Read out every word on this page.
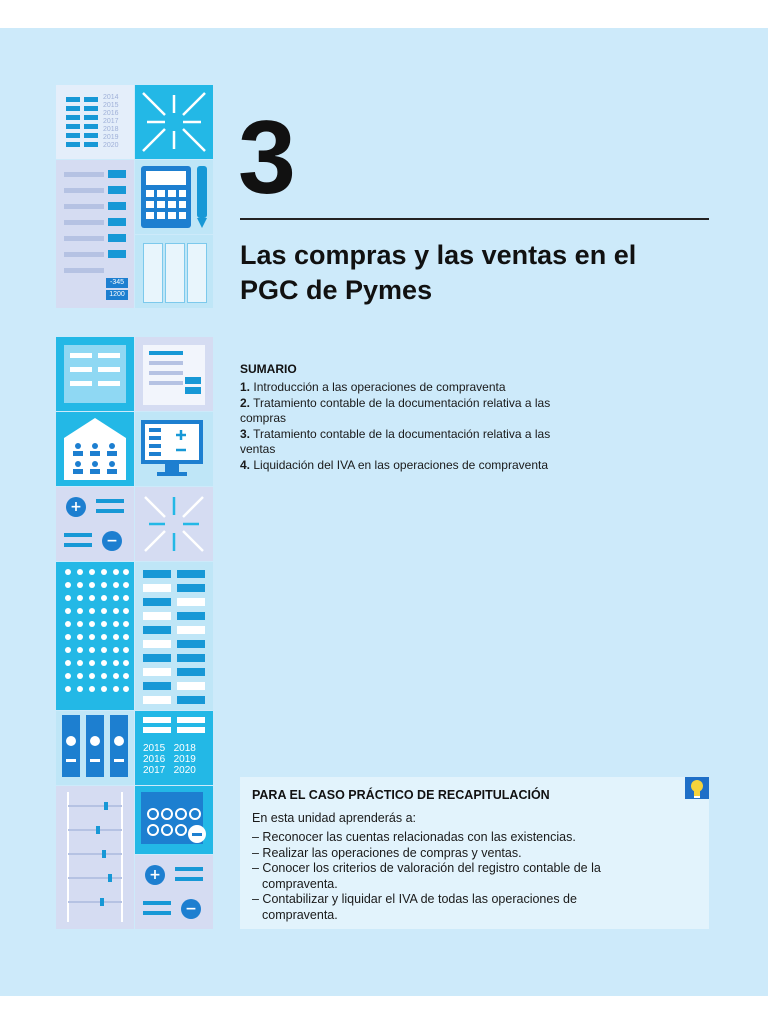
2014
2015
2016
2017
2018
2019
2020
-345
1200
+
−
2015 2018
2016 2019
2017 2020
+
−
3
Las compras y las ventas en el PGC de Pymes
SUMARIO

1. Introducción a las operaciones de compraventa

2. Tratamiento contable de la documentación relativa a las compras

3. Tratamiento contable de la documentación relativa a las ventas

4. Liquidación del IVA en las operaciones de compraventa

PARA EL CASO PRÁCTICO DE RECAPITULACIÓN
En esta unidad aprenderás a:
– Reconocer las cuentas relacionadas con las existencias.
– Realizar las operaciones de compras y ventas.
– Conocer los criterios de valoración del registro contable de la compraventa.
– Contabilizar y liquidar el IVA de todas las operaciones de compraventa.
